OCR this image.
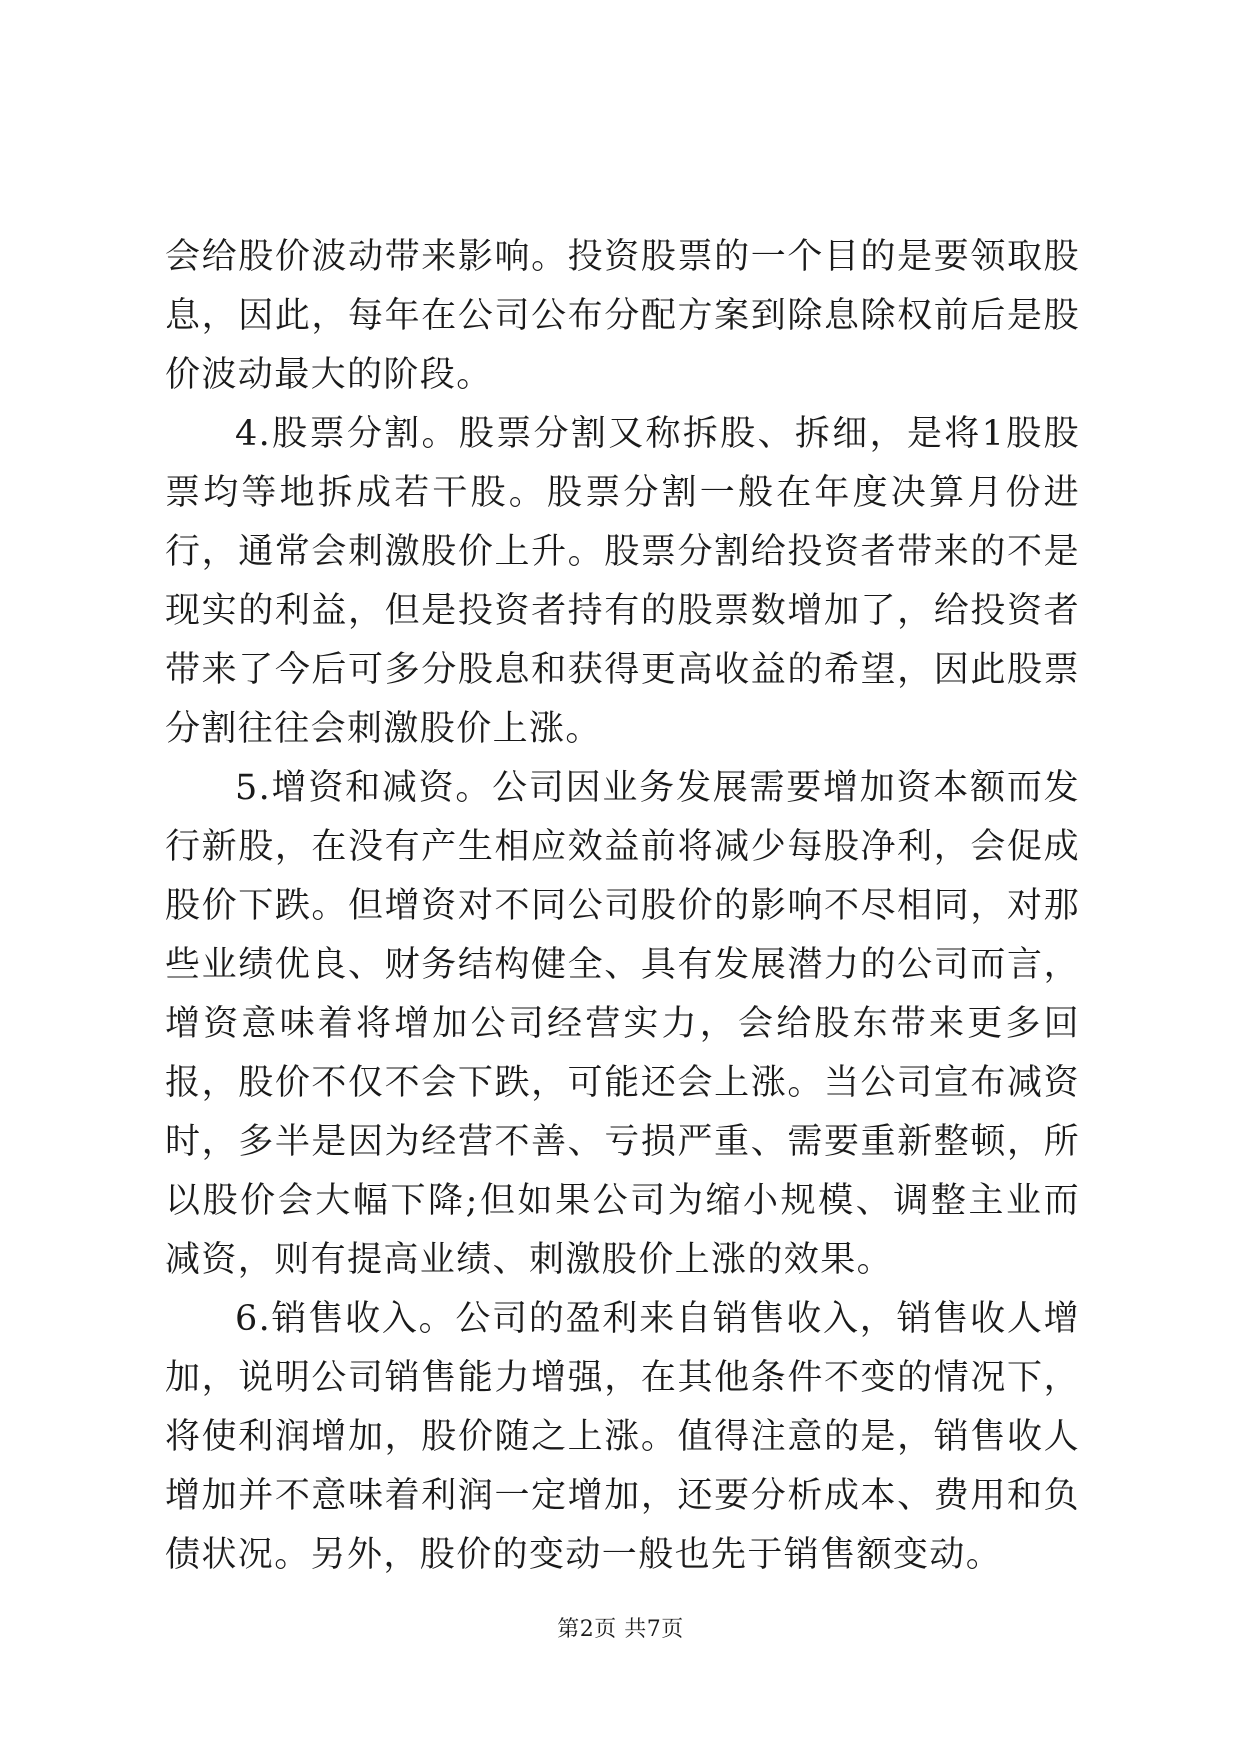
会给股价波动带来影响。投资股票的一个目的是要领取股息，因此，每年在公司公布分配方案到除息除权前后是股价波动最大的阶段。

4.股票分割。股票分割又称拆股、拆细，是将1股股票均等地拆成若干股。股票分割一般在年度决算月份进行，通常会刺激股价上升。股票分割给投资者带来的不是现实的利益，但是投资者持有的股票数增加了，给投资者带来了今后可多分股息和获得更高收益的希望，因此股票分割往往会刺激股价上涨。

5.增资和减资。公司因业务发展需要增加资本额而发行新股，在没有产生相应效益前将减少每股净利，会促成股价下跌。但增资对不同公司股价的影响不尽相同，对那些业绩优良、财务结构健全、具有发展潜力的公司而言，增资意味着将增加公司经营实力，会给股东带来更多回报，股价不仅不会下跌，可能还会上涨。当公司宣布减资时，多半是因为经营不善、亏损严重、需要重新整顿，所以股价会大幅下降;但如果公司为缩小规模、调整主业而减资，则有提高业绩、刺激股价上涨的效果。

6.销售收入。公司的盈利来自销售收入，销售收人增加，说明公司销售能力增强，在其他条件不变的情况下，将使利润增加，股价随之上涨。值得注意的是，销售收人增加并不意味着利润一定增加，还要分析成本、费用和负债状况。另外，股价的变动一般也先于销售额变动。

第2页 共7页
